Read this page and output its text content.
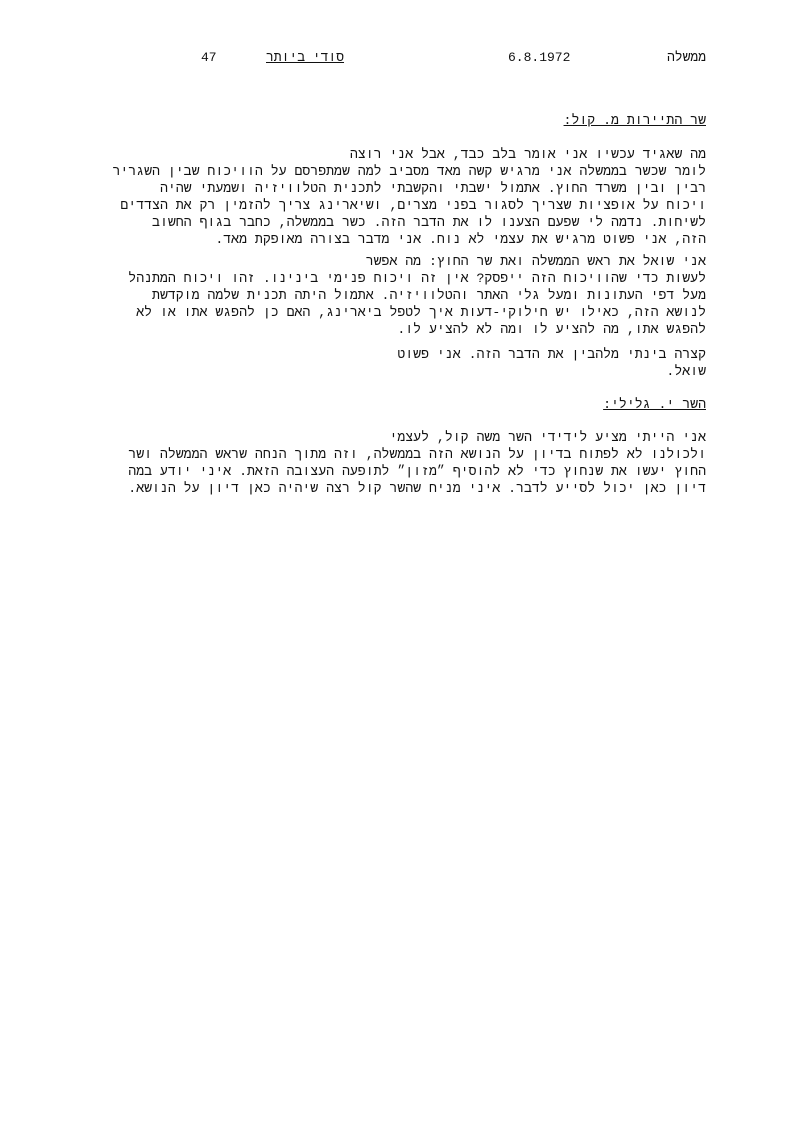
ממשלה
6.8.1972
סודי ביותר
47
שר התיירות מ. קול:

מה שאגיד עכשיו אני אומר בלב כבד, אבל אני רוצה
לומר שכשר בממשלה אני מרגיש קשה מאד מסביב למה שמתפרסם על הוויכוח שבין השגריר
רבין ובין משרד החוץ. אתמול ישבתי והקשבתי לתכנית הטלוויזיה ושמעתי שהיה
ויכוח על אופציות שצריך לסגור בפני מצרים, ושיארינג צריך להזמין רק את הצדדים
לשיחות. נדמה לי שפעם הצענו לו את הדבר הזה. כשר בממשלה, כחבר בגוף החשוב
הזה, אני פשוט מרגיש את עצמי לא נוח. אני מדבר בצורה מאופקת מאד.

אני שואל את ראש הממשלה ואת שר החוץ: מה אפשר
לעשות כדי שהוויכוח הזה ייפסק? אין זה ויכוח פנימי בינינו. זהו ויכוח המתנהל
מעל דפי העתונות ומעל גלי האתר והטלוויזיה. אתמול היתה תכנית שלמה מוקדשת
לנושא הזה, כאילו יש חילוקי-דעות איך לטפל ביארינג, האם כן להפגש אתו או לא
להפגש אתו, מה להציע לו ומה לא להציע לו.

קצרה בינתי מלהבין את הדבר הזה. אני פשוט
שואל.

השר י. גלילי:

אני הייתי מציע לידידי השר משה קול, לעצמי
ולכולנו לא לפתוח בדיון על הנושא הזה בממשלה, וזה מתוך הנחה שראש הממשלה ושר
החוץ יעשו את שנחוץ כדי לא להוסיף ״מזון״ לתופעה העצובה הזאת. איני יודע במה
דיון כאן יכול לסייע לדבר. איני מניח שהשר קול רצה שיהיה כאן דיון על הנושא.
